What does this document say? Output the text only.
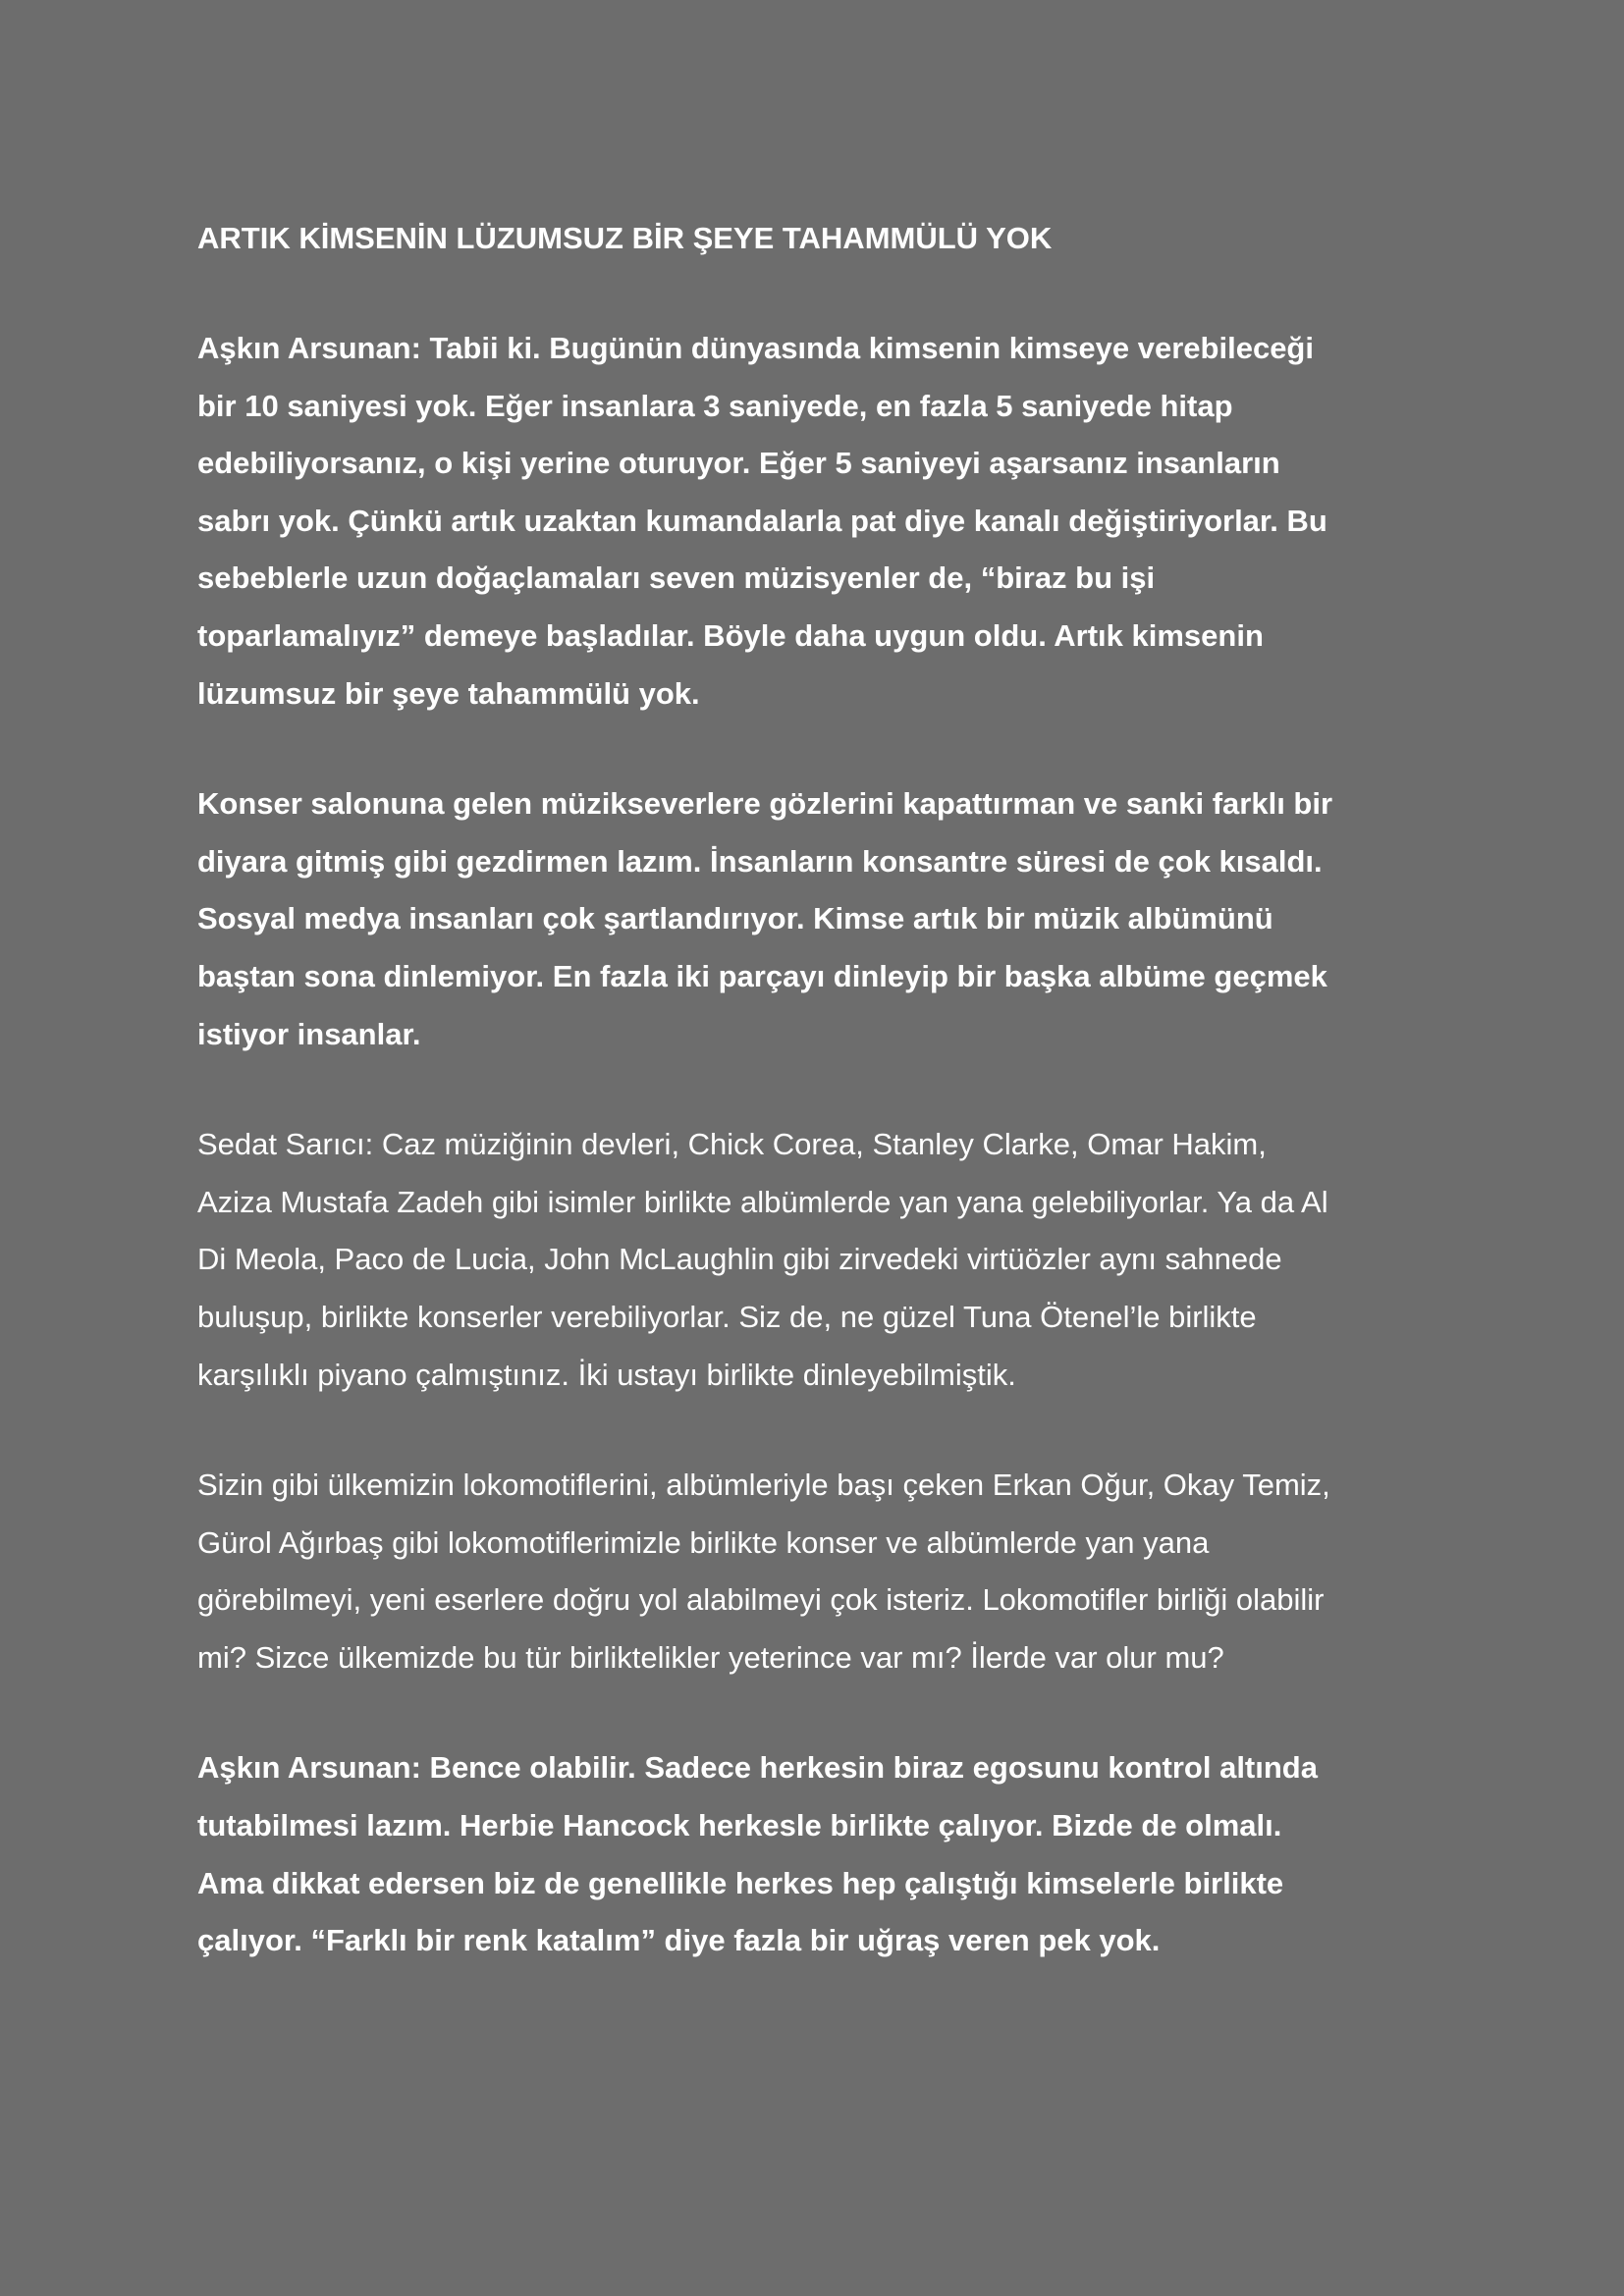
ARTIK KİMSENİN LÜZUMSUZ BİR ŞEYE TAHAMMÜLÜ YOK
Aşkın Arsunan: Tabii ki. Bugünün dünyasında kimsenin kimseye verebileceği
bir 10 saniyesi yok. Eğer insanlara 3 saniyede, en fazla 5 saniyede hitap
edebiliyorsanız, o kişi yerine oturuyor. Eğer 5 saniyeyi aşarsanız insanların
sabrı yok. Çünkü artık uzaktan kumandalarla pat diye kanalı değiştiriyorlar. Bu
sebeblerle uzun doğaçlamaları seven müzisyenler de, “biraz bu işi
toparlamalıyız” demeye başladılar. Böyle daha uygun oldu. Artık kimsenin
lüzumsuz bir şeye tahammülü yok.
Konser salonuna gelen müzikseverlere gözlerini kapattırman ve sanki farklı bir
diyara gitmiş gibi gezdirmen lazım. İnsanların konsantre süresi de çok kısaldı.
Sosyal medya insanları çok şartlandırıyor. Kimse artık bir müzik albümünü
baştan sona dinlemiyor. En fazla iki parçayı dinleyip bir başka albüme geçmek
istiyor insanlar.
Sedat Sarıcı: Caz müziğinin devleri, Chick Corea, Stanley Clarke, Omar Hakim,
Aziza Mustafa Zadeh gibi isimler birlikte albümlerde yan yana gelebiliyorlar. Ya da Al
Di Meola, Paco de Lucia, John McLaughlin gibi zirvedeki virtüözler aynı sahnede
buluşup, birlikte konserler verebiliyorlar. Siz de, ne güzel Tuna Ötenel’le birlikte
karşılıklı piyano çalmıştınız. İki ustayı birlikte dinleyebilmiştik.
Sizin gibi ülkemizin lokomotiflerini, albümleriyle başı çeken Erkan Oğur, Okay Temiz,
Gürol Ağırbaş gibi lokomotiflerimizle birlikte konser ve albümlerde yan yana
görebilmeyi, yeni eserlere doğru yol alabilmeyi çok isteriz. Lokomotifler birliği olabilir
mi? Sizce ülkemizde bu tür birliktelikler yeterince var mı? İlerde var olur mu?
Aşkın Arsunan: Bence olabilir. Sadece herkesin biraz egosunu kontrol altında
tutabilmesi lazım. Herbie Hancock herkesle birlikte çalıyor. Bizde de olmalı.
Ama dikkat edersen biz de genellikle herkes hep çalıştığı kimselerle birlikte
çalıyor. “Farklı bir renk katalım” diye fazla bir uğraş veren pek yok.
